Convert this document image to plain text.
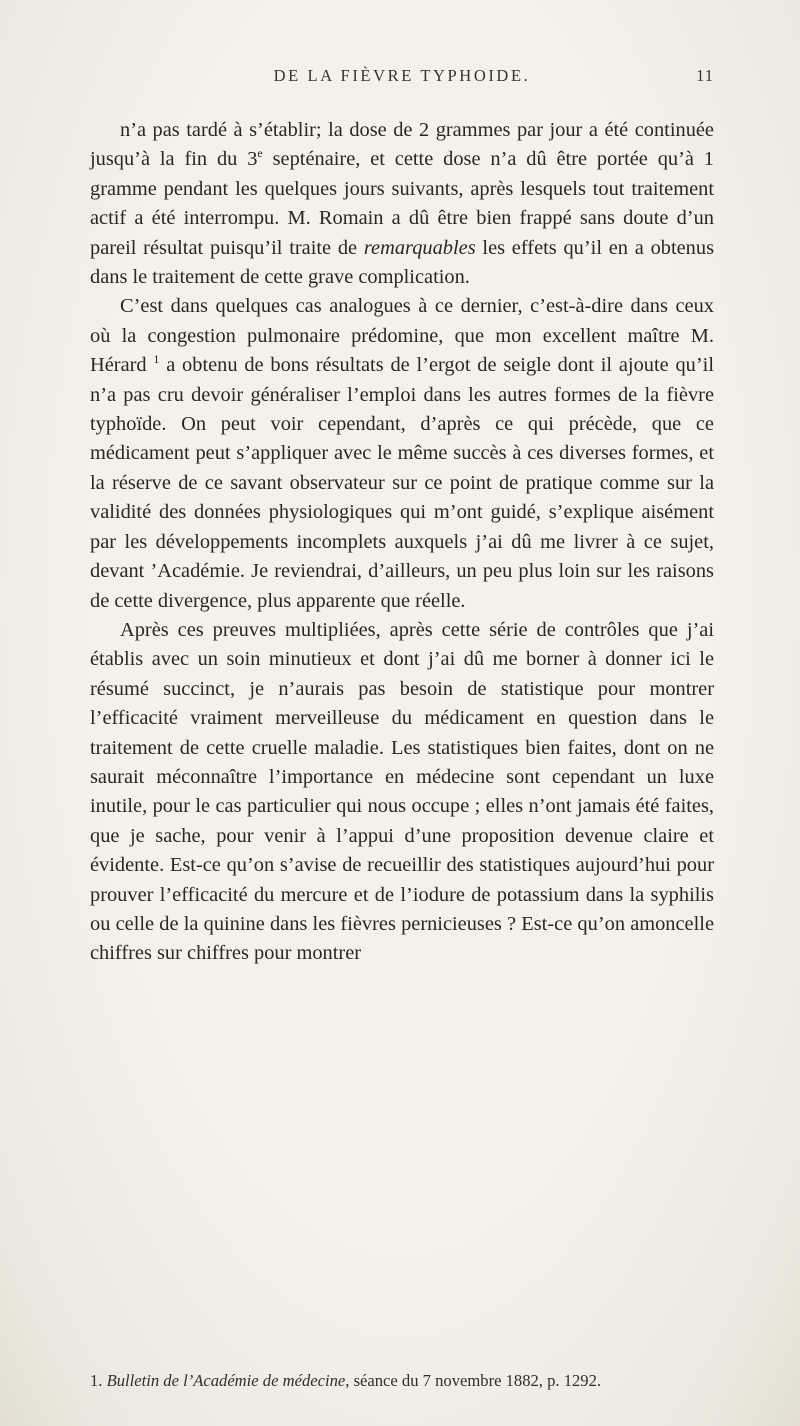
DE LA FIÈVRE TYPHOIDE.	11

n’a pas tardé à s’établir; la dose de 2 grammes par jour a été continuée jusqu’à la fin du 3e septénaire, et cette dose n’a dû être portée qu’à 1 gramme pendant les quelques jours suivants, après lesquels tout traitement actif a été interrompu. M. Romain a dû être bien frappé sans doute d’un pareil résultat puisqu’il traite de remarquables les effets qu’il en a obtenus dans le traitement de cette grave complication.

C’est dans quelques cas analogues à ce dernier, c’est-à-dire dans ceux où la congestion pulmonaire prédomine, que mon excellent maître M. Hérard $^1$ a obtenu de bons résultats de l’ergot de seigle dont il ajoute qu’il n’a pas cru devoir généraliser l’emploi dans les autres formes de la fièvre typhoïde. On peut voir cependant, d’après ce qui précède, que ce médicament peut s’appliquer avec le même succès à ces diverses formes, et la réserve de ce savant observateur sur ce point de pratique comme sur la validité des données physiologiques qui m’ont guidé, s’explique aisément par les développements incomplets auxquels j’ai dû me livrer à ce sujet, devant ’Académie. Je reviendrai, d’ailleurs, un peu plus loin sur les raisons de cette divergence, plus apparente que réelle.

Après ces preuves multipliées, après cette série de contrôles que j’ai établis avec un soin minutieux et dont j’ai dû me borner à donner ici le résumé succinct, je n’aurais pas besoin de statistique pour montrer l’efficacité vraiment merveilleuse du médicament en question dans le traitement de cette cruelle maladie. Les statistiques bien faites, dont on ne saurait méconnaître l’importance en médecine sont cependant un luxe inutile, pour le cas particulier qui nous occupe ; elles n’ont jamais été faites, que je sache, pour venir à l’appui d’une proposition devenue claire et évidente. Est-ce qu’on s’avise de recueillir des statistiques aujourd’hui pour prouver l’efficacité du mercure et de l’iodure de potassium dans la syphilis ou celle de la quinine dans les fièvres pernicieuses ? Est-ce qu’on amoncelle chiffres sur chiffres pour montrer

1. Bulletin de l’Académie de médecine, séance du 7 novembre 1882, p. 1292.
